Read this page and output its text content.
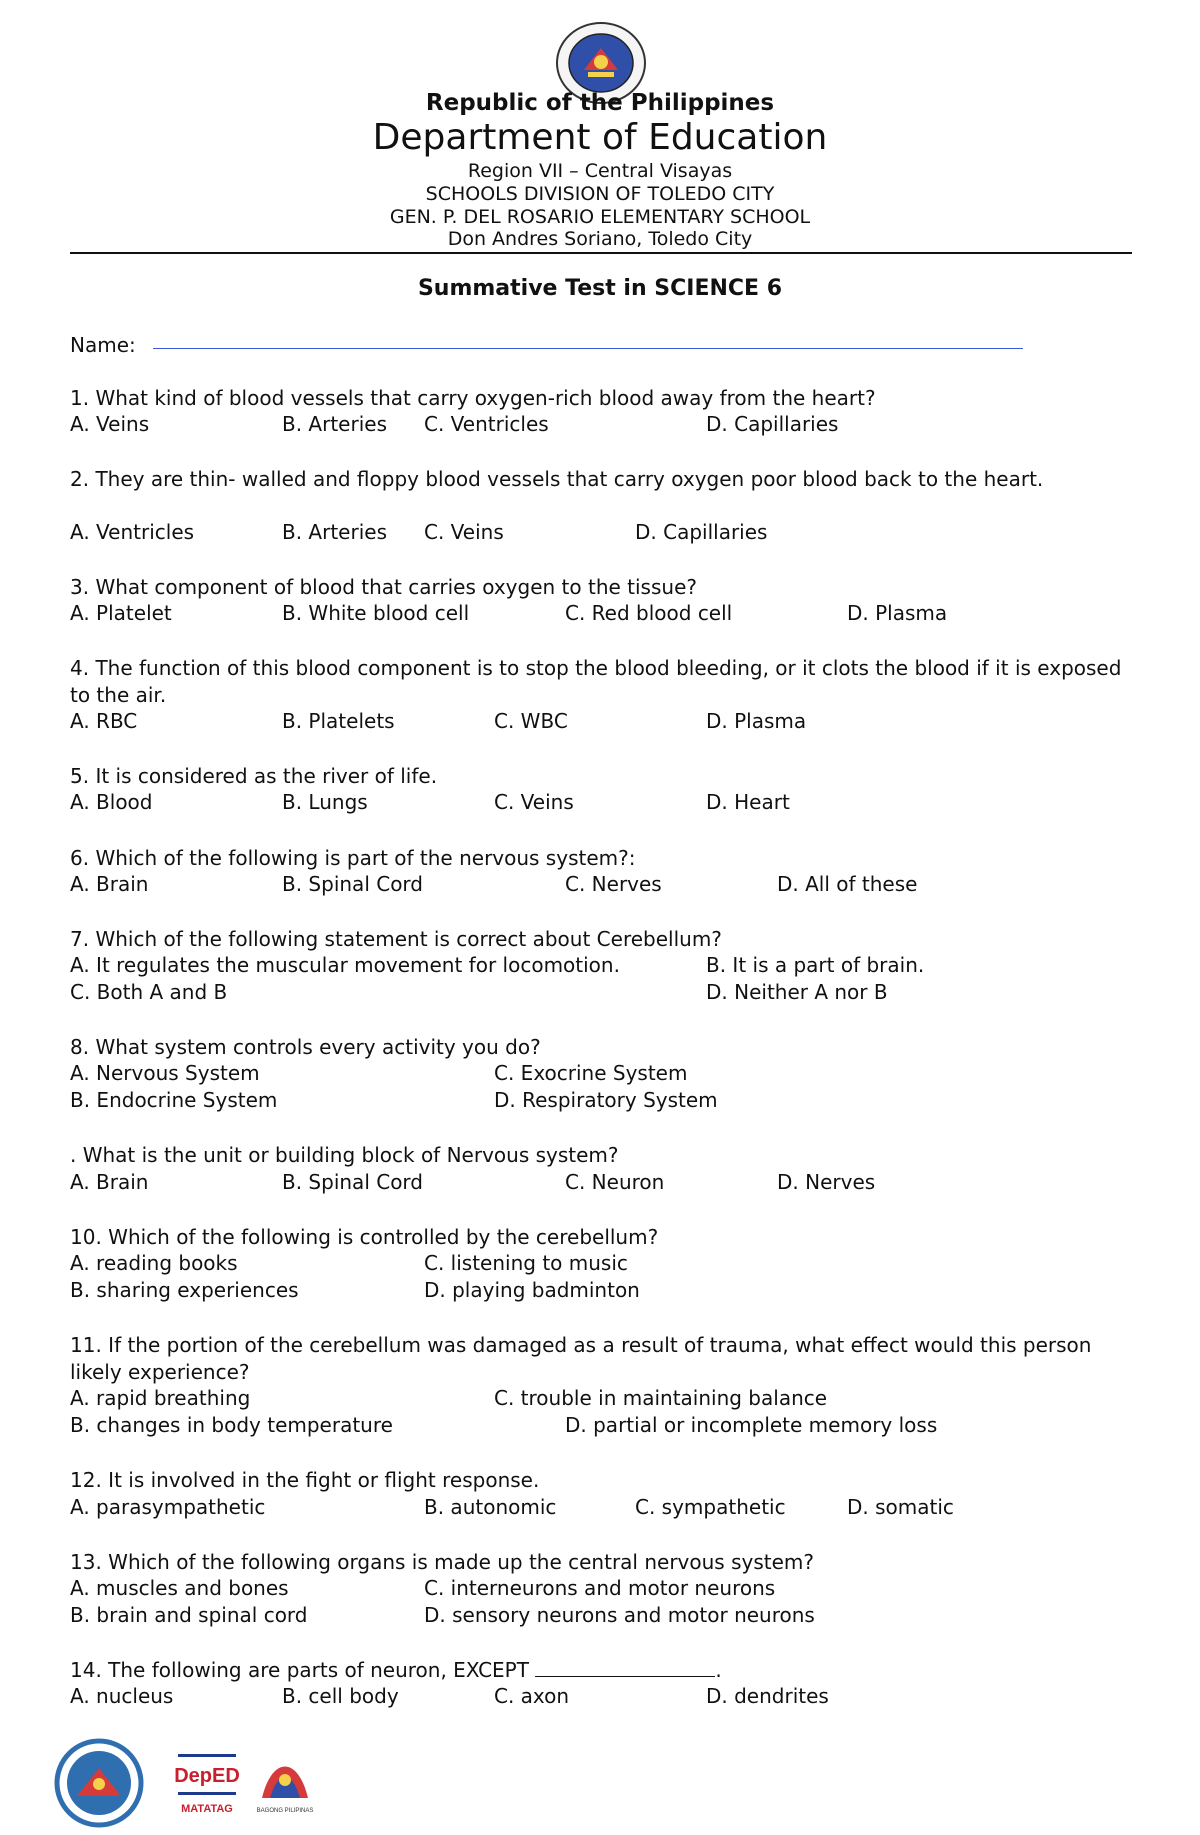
Republic of the Philippines
Department of Education
Region VII – Central Visayas
SCHOOLS DIVISION OF TOLEDO CITY
GEN. P. DEL ROSARIO ELEMENTARY SCHOOL
Don Andres Soriano, Toledo City
Summative Test in SCIENCE 6
Name:
1. What kind of blood vessels that carry oxygen-rich blood away from the heart?
A. Veins	B. Arteries C. Ventricles	D. Capillaries
2. They are thin- walled and floppy blood vessels that carry oxygen poor blood back to the heart.
A. Ventricles	B. Arteries C. Veins	D. Capillaries
3. What component of blood that carries oxygen to the tissue?
A. Platelet	B. White blood cell	C. Red blood cell	D. Plasma
4. The function of this blood component is to stop the blood bleeding, or it clots the blood if it is exposed to the air.
A. RBC	B. Platelets	C. WBC	D. Plasma
5. It is considered as the river of life.
A. Blood	B. Lungs	C. Veins	D. Heart
6. Which of the following is part of the nervous system?:
A. Brain	B. Spinal Cord	C. Nerves	D. All of these
7. Which of the following statement is correct about Cerebellum?
A. It regulates the muscular movement for locomotion.	B. It is a part of brain.
C. Both A and B	D. Neither A nor B
8. What system controls every activity you do?
A. Nervous System	C. Exocrine System
B. Endocrine System	D. Respiratory System
. What is the unit or building block of Nervous system?
A. Brain	B. Spinal Cord	C. Neuron	D. Nerves
10. Which of the following is controlled by the cerebellum?
A. reading books	C. listening to music
B. sharing experiences	D. playing badminton
11. If the portion of the cerebellum was damaged as a result of trauma, what effect would this person likely experience?
A. rapid breathing	C. trouble in maintaining balance
B. changes in body temperature	D. partial or incomplete memory loss
12. It is involved in the fight or flight response.
A. parasympathetic	B. autonomic	C. sympathetic	D. somatic
13. Which of the following organs is made up the central nervous system?
A. muscles and bones	C. interneurons and motor neurons
B. brain and spinal cord	D. sensory neurons and motor neurons
14. The following are parts of neuron, EXCEPT	.
A. nucleus	B. cell body	C. axon	D. dendrites
DepED
MATATAG	BAGONG PILIPINAS
